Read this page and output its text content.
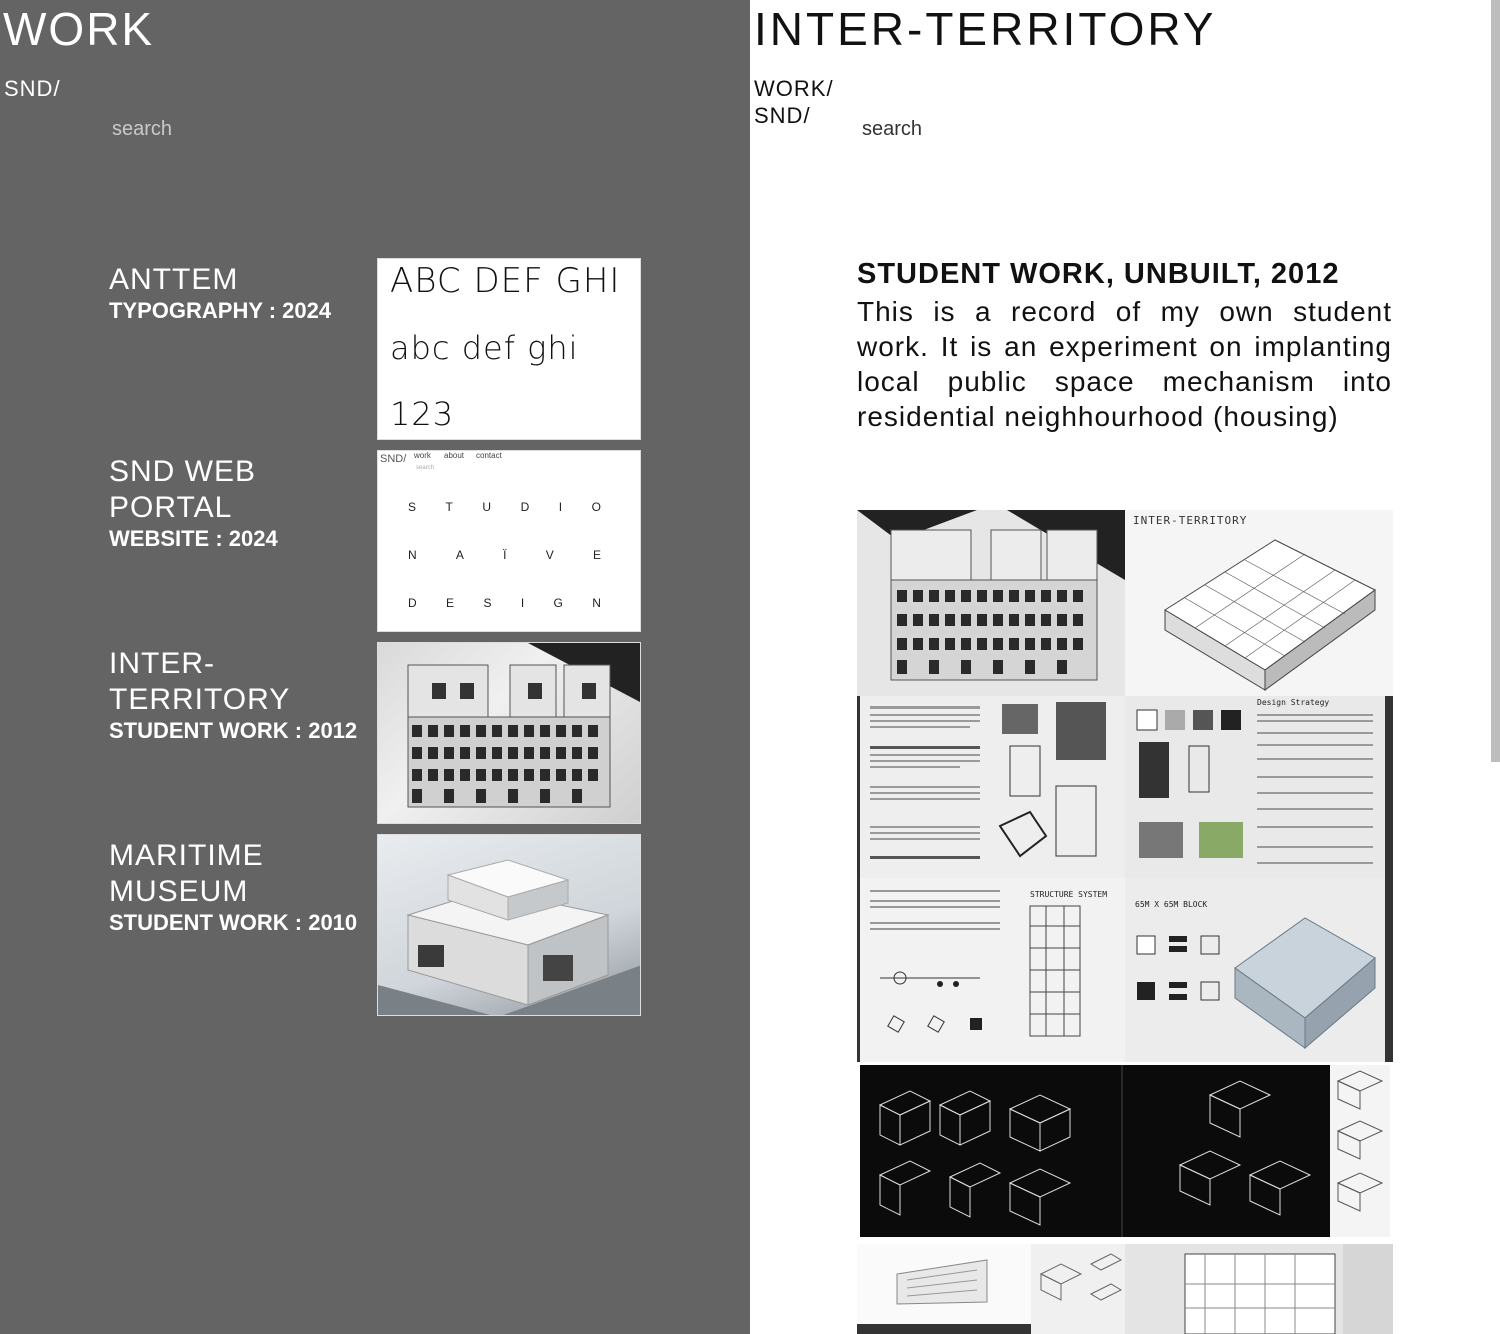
WORK
SND/
search
ANTTEM
TYPOGRAPHY : 2024
ABC DEF GHI
abc def ghi
123
SND WEB PORTAL
WEBSITE : 2024
SND/ work about contact
search
S T U D I O
N	A	Ï	V	E
D E S I G N
INTER-TERRITORY
STUDENT WORK : 2012
MARITIME MUSEUM
STUDENT WORK : 2010
INTER-TERRITORY
WORK/
SND/
search
STUDENT WORK, UNBUILT, 2012

This is a record of my own student work. It is an experiment on implanting local public space mechanism into residential neighhourhood (housing)

INTER-TERRITORY
Design Strategy
STRUCTURE SYSTEM
65M X 65M BLOCK
